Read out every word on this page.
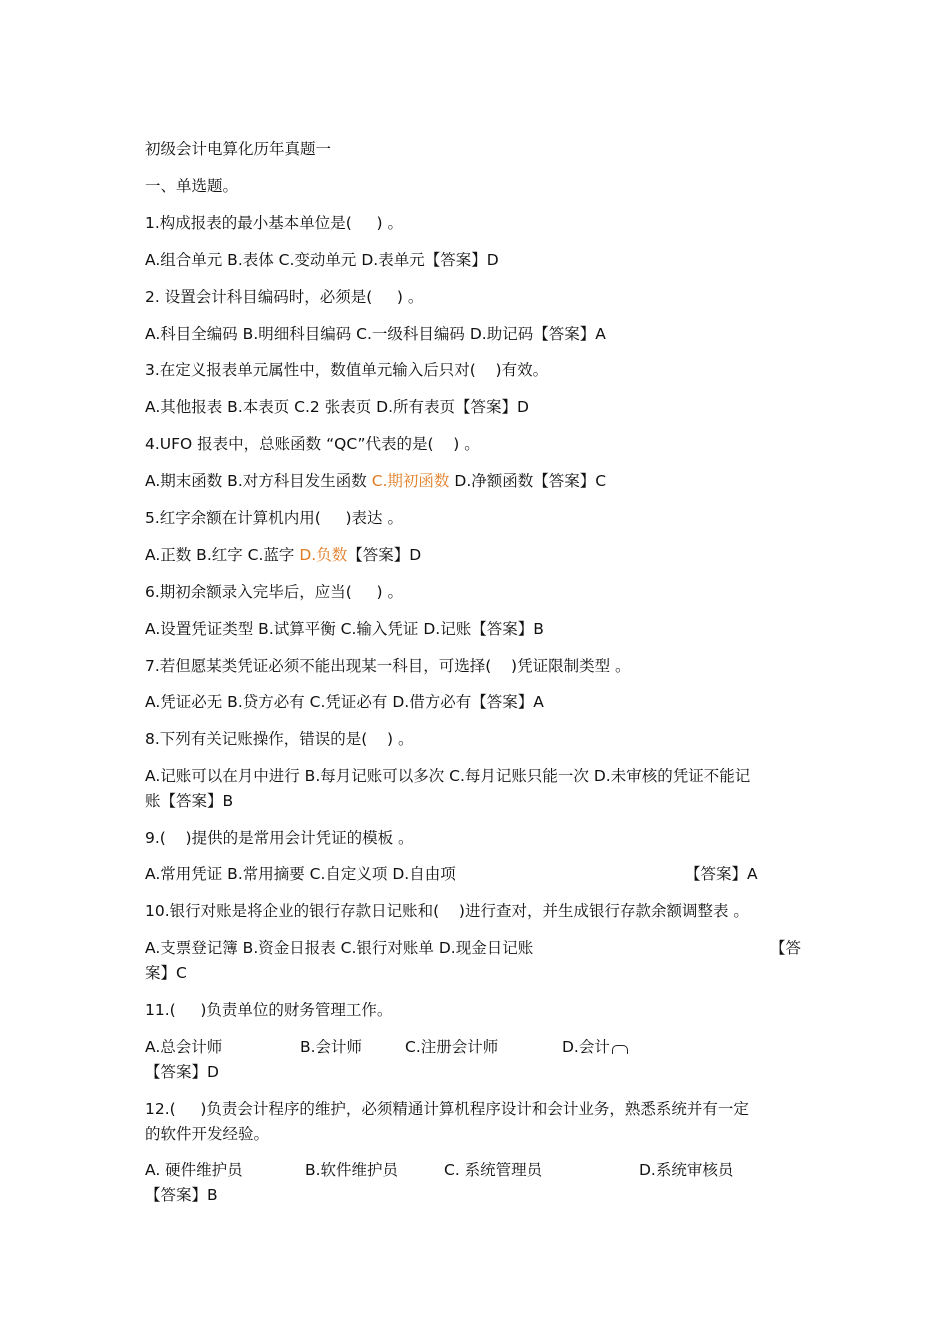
初级会计电算化历年真题一
一、单选题。
1.构成报表的最小基本单位是(     ) 。
A.组合单元 B.表体 C.变动单元 D.表单元【答案】D
2. 设置会计科目编码时，必须是(     ) 。
A.科目全编码 B.明细科目编码 C.一级科目编码 D.助记码【答案】A
3.在定义报表单元属性中，数值单元输入后只对(    )有效。
A.其他报表 B.本表页 C.2 张表页 D.所有表页【答案】D
4.UFO 报表中，总账函数 “QC”代表的是(    ) 。
A.期末函数 B.对方科目发生函数 C.期初函数 D.净额函数【答案】C
5.红字余额在计算机内用(     )表达 。
A.正数 B.红字 C.蓝字 D.负数【答案】D
6.期初余额录入完毕后，应当(     ) 。
A.设置凭证类型 B.试算平衡 C.输入凭证 D.记账【答案】B
7.若但愿某类凭证必须不能出现某一科目，可选择(    )凭证限制类型 。
A.凭证必无 B.贷方必有 C.凭证必有 D.借方必有【答案】A
8.下列有关记账操作，错误的是(    ) 。
A.记账可以在月中进行 B.每月记账可以多次 C.每月记账只能一次 D.未审核的凭证不能记
账【答案】B
9.(    )提供的是常用会计凭证的模板 。
A.常用凭证 B.常用摘要 C.自定义项 D.自由项	【答案】A
10.银行对账是将企业的银行存款日记账和(    )进行查对，并生成银行存款余额调整表 。
A.支票登记簿 B.资金日报表 C.银行对账单 D.现金日记账	【答
案】C
11.(     )负责单位的财务管理工作。
A.总会计师	B.会计师	C.注册会计师	D.会计
【答案】D
12.(     )负责会计程序的维护，必须精通计算机程序设计和会计业务，熟悉系统并有一定
的软件开发经验。
A. 硬件维护员	B.软件维护员	C. 系统管理员	D.系统审核员
【答案】B
